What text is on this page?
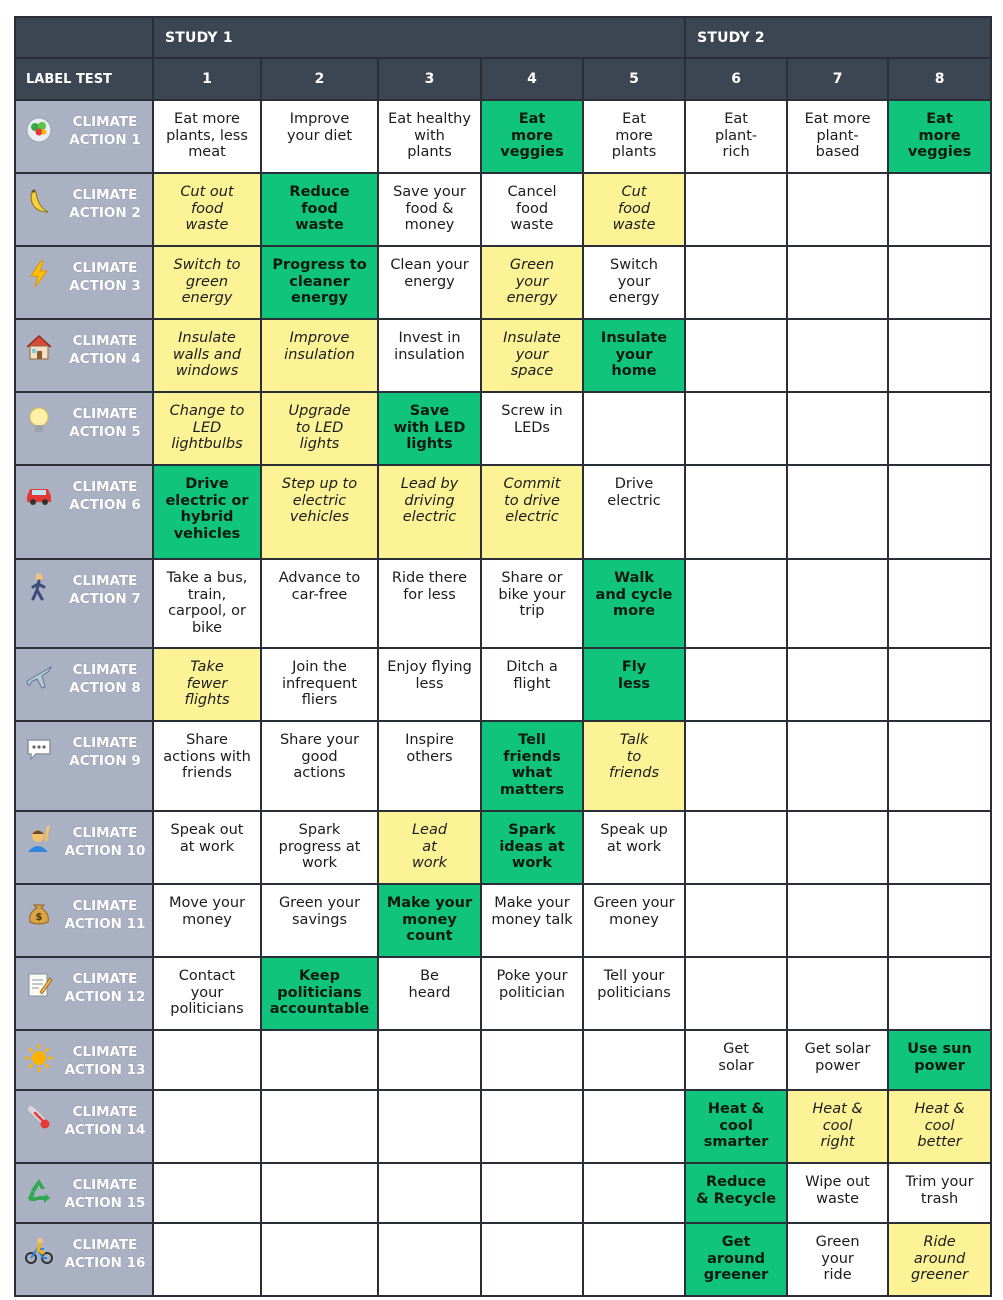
	STUDY 1					STUDY 2		
LABEL TEST	1	2	3	4	5	6	7	8

CLIMATE
ACTION 1	Eat more
plants, less
meat	Improve
your diet	Eat healthy
with
plants	Eat
more
veggies	Eat
more
plants	Eat
plant-
rich	Eat more
plant-
based	Eat
more
veggies

CLIMATE
ACTION 2	Cut out
food
waste	Reduce
food
waste	Save your
food &
money	Cancel
food
waste	Cut
food
waste			

CLIMATE
ACTION 3	Switch to
green
energy	Progress to
cleaner
energy	Clean your
energy	Green
your
energy	Switch
your
energy			

CLIMATE
ACTION 4	Insulate
walls and
windows	Improve
insulation	Invest in
insulation	Insulate
your
space	Insulate
your
home			

CLIMATE
ACTION 5	Change to
LED
lightbulbs	Upgrade
to LED
lights	Save
with LED
lights	Screw in
LEDs				

CLIMATE
ACTION 6	Drive
electric or
hybrid
vehicles	Step up to
electric
vehicles	Lead by
driving
electric	Commit
to drive
electric	Drive
electric			

CLIMATE
ACTION 7	Take a bus,
train,
carpool, or
bike	Advance to
car-free	Ride there
for less	Share or
bike your
trip	Walk
and cycle
more			

CLIMATE
ACTION 8	Take
fewer
flights	Join the
infrequent
fliers	Enjoy flying
less	Ditch a
flight	Fly
less			

CLIMATE
ACTION 9	Share
actions with
friends	Share your
good
actions	Inspire
others	Tell
friends
what
matters	Talk
to
friends			

CLIMATE
ACTION 10	Speak out
at work	Spark
progress at
work	Lead
at
work	Spark
ideas at
work	Speak up
at work			

$
CLIMATE
ACTION 11	Move your
money	Green your
savings	Make your
money
count	Make your
money talk	Green your
money			

CLIMATE
ACTION 12	Contact
your
politicians	Keep
politicians
accountable	Be
heard	Poke your
politician	Tell your
politicians			

CLIMATE
ACTION 13						Get
solar	Get solar
power	Use sun
power

CLIMATE
ACTION 14						Heat &
cool
smarter	Heat &
cool
right	Heat &
cool
better

CLIMATE
ACTION 15						Reduce
& Recycle	Wipe out
waste	Trim your
trash

CLIMATE
ACTION 16						Get
around
greener	Green
your
ride	Ride
around
greener
